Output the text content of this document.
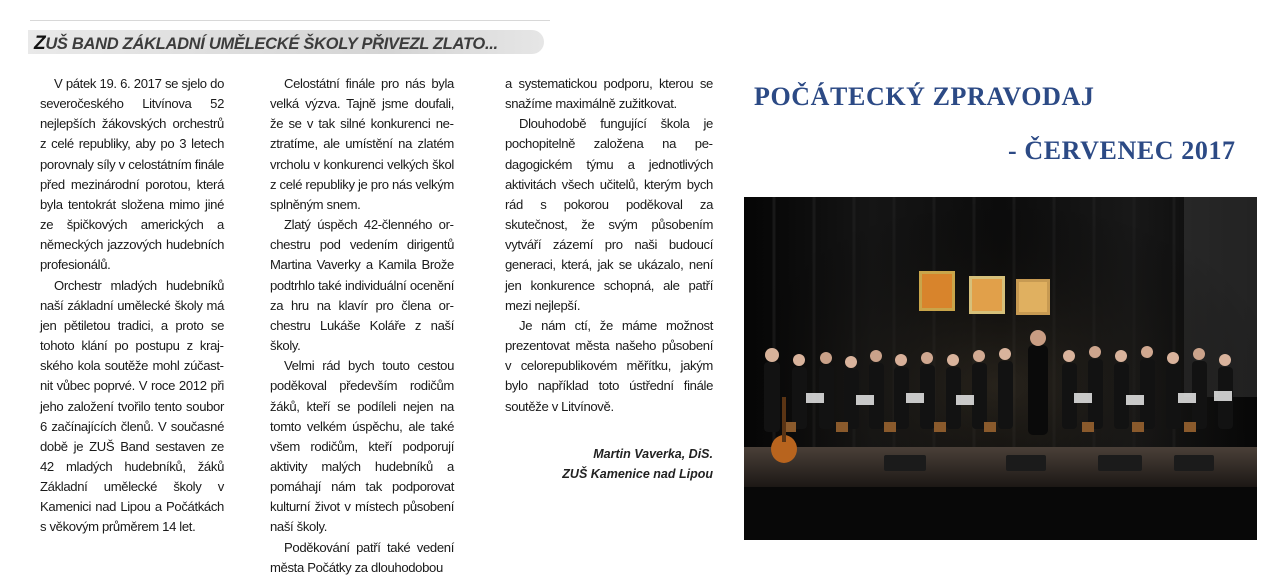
ZUŠ BAND ZÁKLADNÍ UMĚLECKÉ ŠKOLY PŘIVEZL ZLATO...

V pátek 19. 6. 2017 se sjelo do severočeského Litvínova 52 nejlepších žákovských orchestrů z celé republiky, aby po 3 letech porovnaly síly v celostátním finále před mezinárodní porotou, která byla tentokrát složena mimo jiné ze špičkových amerických a německých jazzových hudebních profesionálů.

Orchestr mladých hudebníků naší základní umělecké školy má jen pětiletou tradici, a proto se tohoto klání po postupu z krajského kola soutěže mohl zúčastnit vůbec poprvé. V roce 2012 při jeho založení tvořilo tento soubor 6 začínajících členů. V současné době je ZUŠ Band sestaven ze 42 mladých hudebníků, žáků Základní umělecké školy v Kamenici nad Lipou a Počátkách s věkovým průměrem 14 let.

Celostátní finále pro nás byla velká výzva. Tajně jsme doufali, že se v tak silné konkurenci neztratíme, ale umístění na zlatém vrcholu v konkurenci velkých škol z celé republiky je pro nás velkým splněným snem.

Zlatý úspěch 42-členného orchestru pod vedením dirigentů Martina Vaverky a Kamila Brože podtrhlo také individuální ocenění za hru na klavír pro člena orchestru Lukáše Koláře z naší školy.

Velmi rád bych touto cestou poděkoval především rodičům žáků, kteří se podíleli nejen na tomto velkém úspěchu, ale také všem rodičům, kteří podporují aktivity malých hudebníků a pomáhají nám tak podporovat kulturní život v místech působení naší školy.

Poděkování patří také vedení města Počátky za dlouhodobou

a systematickou podporu, kterou se snažíme maximálně zužitkovat.

Dlouhodobě fungující škola je pochopitelně založena na pedagogickém týmu a jednotlivých aktivitách všech učitelů, kterým bych rád s pokorou poděkoval za skutečnost, že svým působením vytváří zázemí pro naši budoucí generaci, která, jak se ukázalo, není jen konkurence schopná, ale patří mezi nejlepší.

Je nám ctí, že máme možnost prezentovat města našeho působení v celorepublikovém měřítku, jakým bylo například toto ústřední finále soutěže v Litvínově.

Martin Vaverka, DiS.
ZUŠ Kamenice nad Lipou
POČÁTECKÝ ZPRAVODAJ
- ČERVENEC 2017
